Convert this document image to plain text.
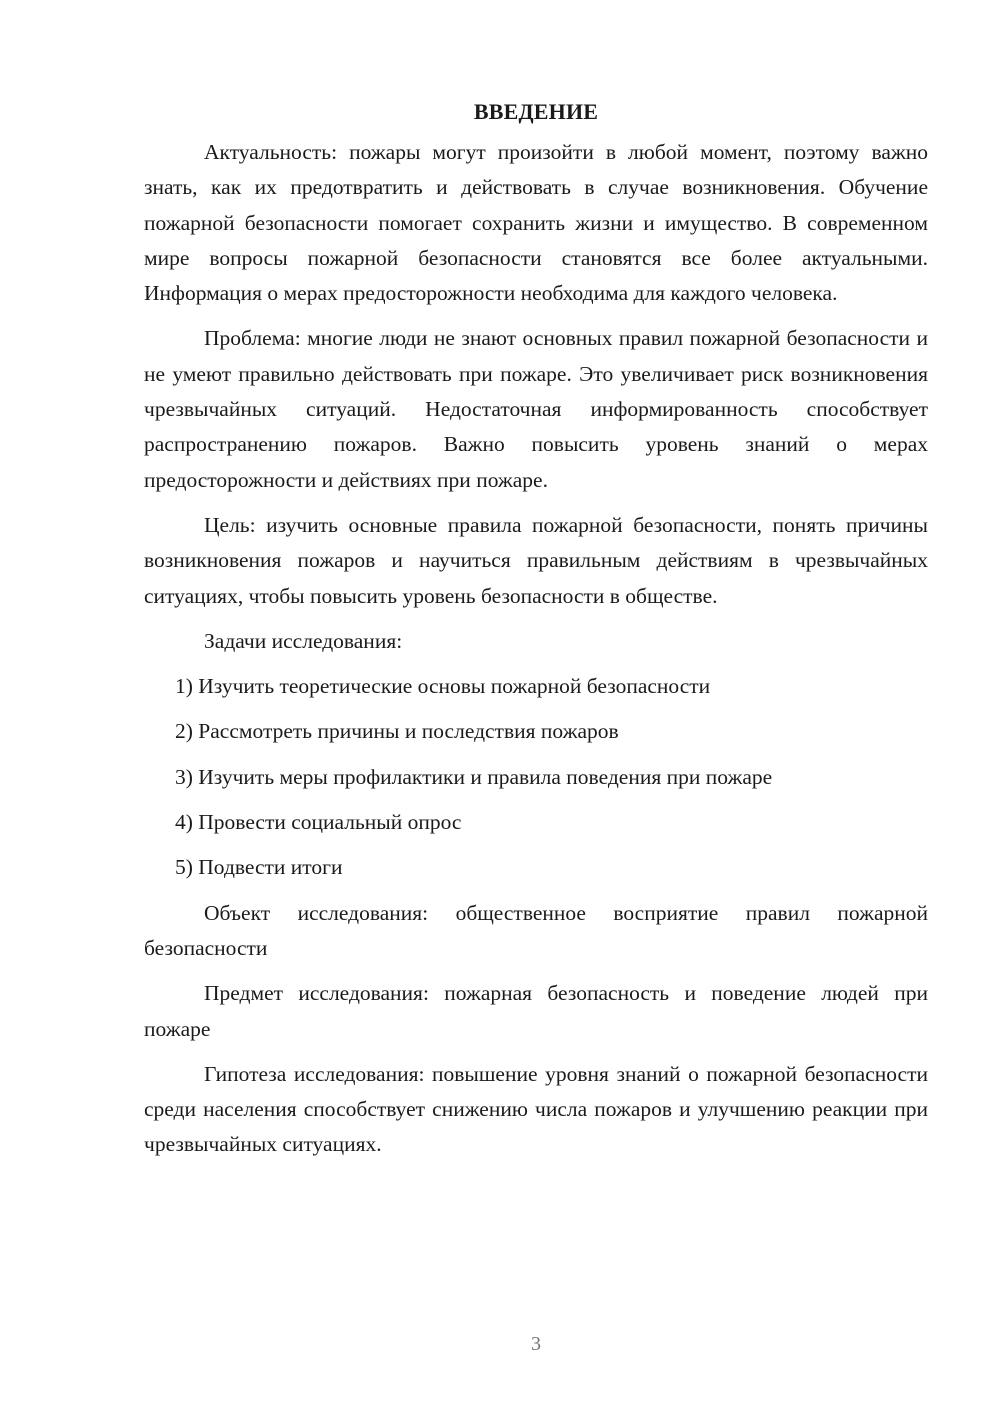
ВВЕДЕНИЕ

Актуальность: пожары могут произойти в любой момент, поэтому важно знать, как их предотвратить и действовать в случае возникновения. Обучение пожарной безопасности помогает сохранить жизни и имущество. В современном мире вопросы пожарной безопасности становятся все более актуальными. Информация о мерах предосторожности необходима для каждого человека.

Проблема: многие люди не знают основных правил пожарной безопасности и не умеют правильно действовать при пожаре. Это увеличивает риск возникновения чрезвычайных ситуаций. Недостаточная информированность способствует распространению пожаров. Важно повысить уровень знаний о мерах предосторожности и действиях при пожаре.

Цель: изучить основные правила пожарной безопасности, понять причины возникновения пожаров и научиться правильным действиям в чрезвычайных ситуациях, чтобы повысить уровень безопасности в обществе.

Задачи исследования:

1) Изучить теоретические основы пожарной безопасности
2) Рассмотреть причины и последствия пожаров
3) Изучить меры профилактики и правила поведения при пожаре
4) Провести социальный опрос
5) Подвести итоги

Объект исследования: общественное восприятие правил пожарной безопасности

Предмет исследования: пожарная безопасность и поведение людей при пожаре

Гипотеза исследования: повышение уровня знаний о пожарной безопасности среди населения способствует снижению числа пожаров и улучшению реакции при чрезвычайных ситуациях.

3
